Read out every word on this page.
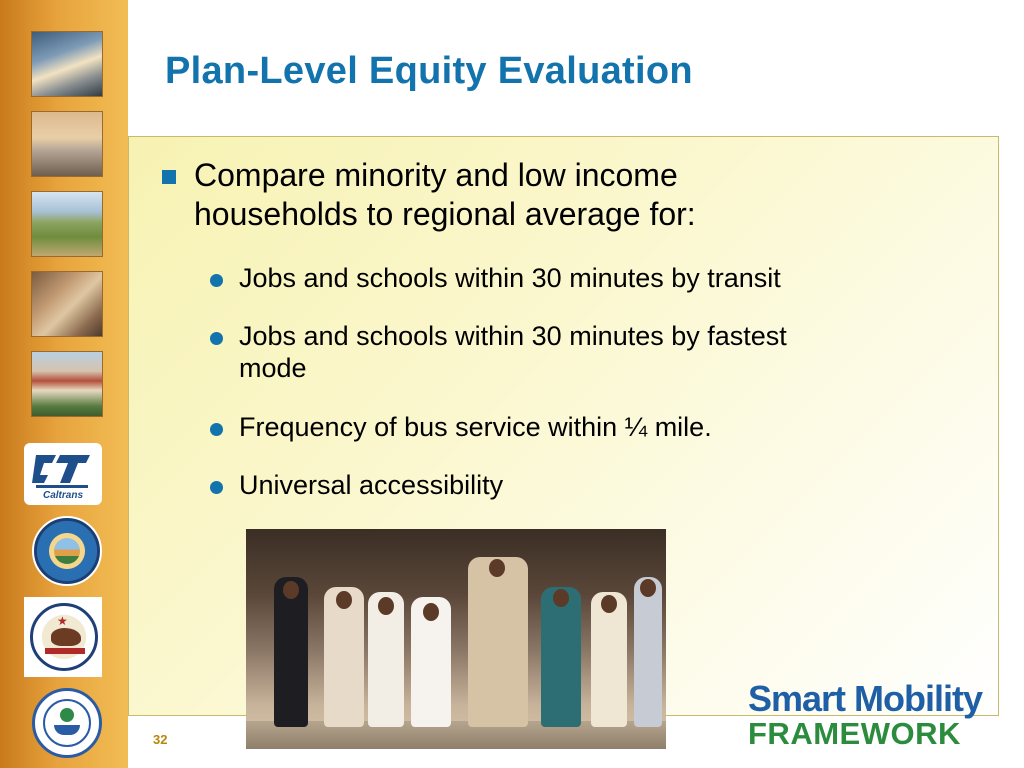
Caltrans
★
Plan-Level Equity Evaluation
Compare minority and low income
households to regional average for:
Jobs and schools within 30 minutes by transit
Jobs and schools within 30 minutes by fastest
mode
Frequency of bus service within ¼ mile.
Universal accessibility
32
Smart Mobility
FRAMEWORK
